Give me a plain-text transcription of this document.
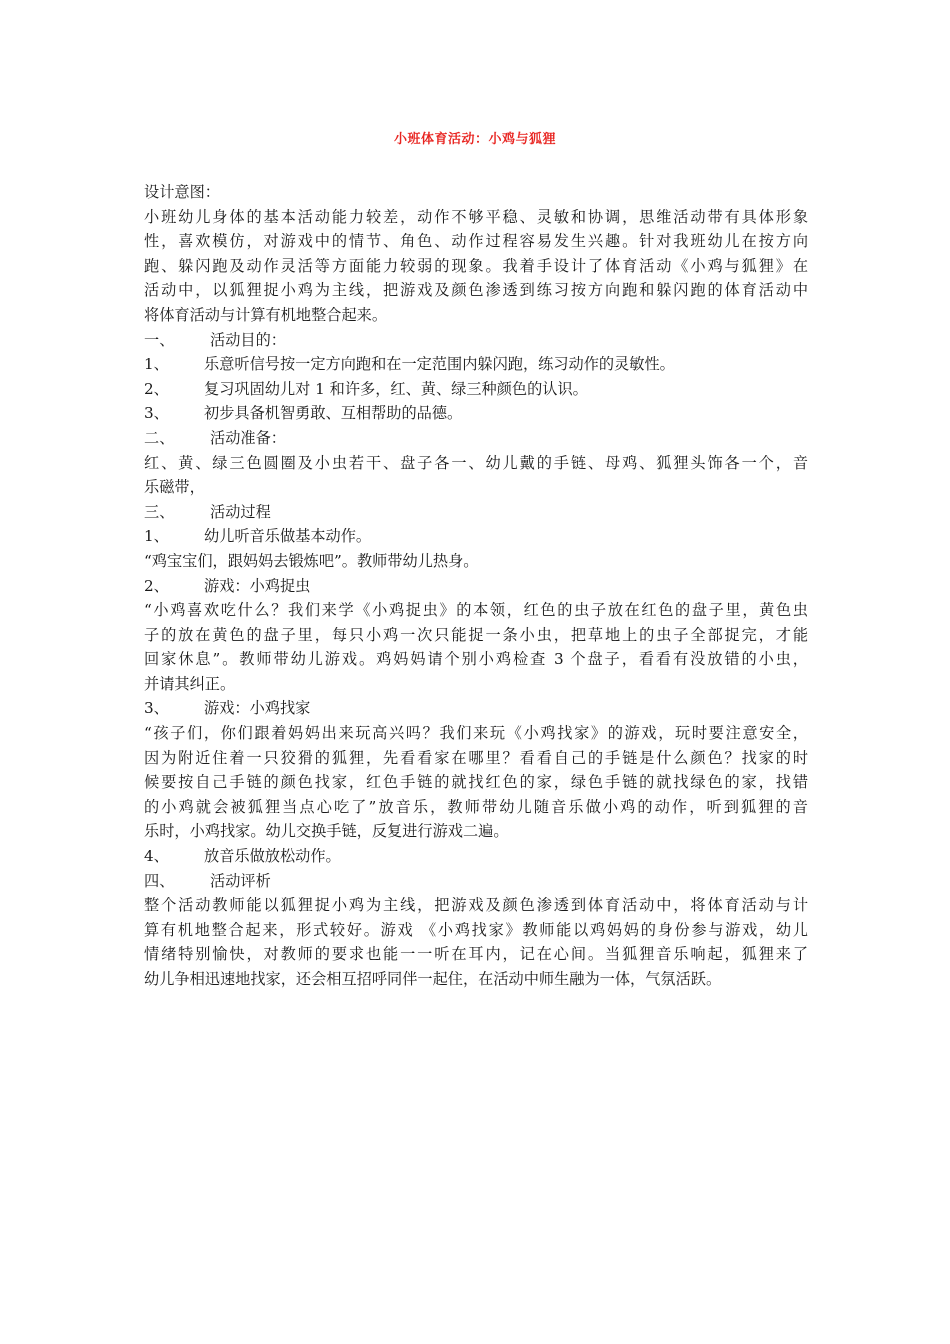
小班体育活动：小鸡与狐狸
设计意图：
小班幼儿身体的基本活动能力较差，动作不够平稳、灵敏和协调，思维活动带有具体形象
性，喜欢模仿，对游戏中的情节、角色、动作过程容易发生兴趣。针对我班幼儿在按方向
跑、躲闪跑及动作灵活等方面能力较弱的现象。我着手设计了体育活动《小鸡与狐狸》在
活动中，以狐狸捉小鸡为主线，把游戏及颜色渗透到练习按方向跑和躲闪跑的体育活动中
将体育活动与计算有机地整合起来。
一、	活动目的：
1、	乐意听信号按一定方向跑和在一定范围内躲闪跑，练习动作的灵敏性。
2、	复习巩固幼儿对 1 和许多，红、黄、绿三种颜色的认识。
3、	初步具备机智勇敢、互相帮助的品德。
二、	活动准备：
红、黄、绿三色圆圈及小虫若干、盘子各一、幼儿戴的手链、母鸡、狐狸头饰各一个，音
乐磁带，
三、	活动过程
1、	幼儿听音乐做基本动作。
“鸡宝宝们，跟妈妈去锻炼吧”。教师带幼儿热身。
2、	游戏：小鸡捉虫
“小鸡喜欢吃什么？我们来学《小鸡捉虫》的本领，红色的虫子放在红色的盘子里，黄色虫
子的放在黄色的盘子里，每只小鸡一次只能捉一条小虫，把草地上的虫子全部捉完，才能
回家休息”。教师带幼儿游戏。鸡妈妈请个别小鸡检查 3 个盘子，看看有没放错的小虫，
并请其纠正。
3、	游戏：小鸡找家
“孩子们，你们跟着妈妈出来玩高兴吗？我们来玩《小鸡找家》的游戏，玩时要注意安全，
因为附近住着一只狡猾的狐狸，先看看家在哪里？看看自己的手链是什么颜色？找家的时
候要按自己手链的颜色找家，红色手链的就找红色的家，绿色手链的就找绿色的家，找错
的小鸡就会被狐狸当点心吃了”放音乐，教师带幼儿随音乐做小鸡的动作，听到狐狸的音
乐时，小鸡找家。幼儿交换手链，反复进行游戏二遍。
4、	放音乐做放松动作。
四、	活动评析
整个活动教师能以狐狸捉小鸡为主线，把游戏及颜色渗透到体育活动中，将体育活动与计
算有机地整合起来，形式较好。游戏 《小鸡找家》教师能以鸡妈妈的身份参与游戏，幼儿
情绪特别愉快，对教师的要求也能一一听在耳内，记在心间。当狐狸音乐响起，狐狸来了
幼儿争相迅速地找家，还会相互招呼同伴一起住，在活动中师生融为一体，气氛活跃。
